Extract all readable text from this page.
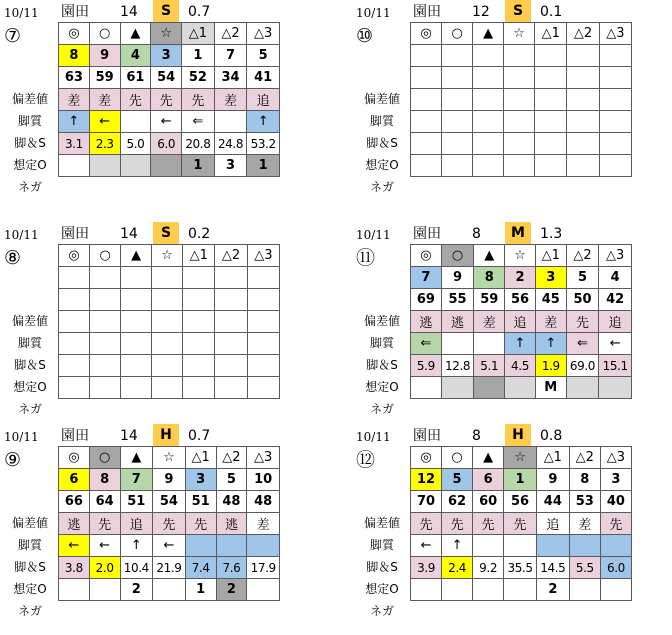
10/11 園田 14	S	0.7
⑦
偏差値
脚質
脚＆S
想定O
ネガ
◎	○	▲	☆	△1	△2	△3
8	9	4	3	1	7	5
63	59	61	54	52	34	41
差	差	先	先	先	差	追
↑	←		←	⇐		↑
3.1	2.3	5.0	6.0	20.8	24.8	53.2
				1	3	1
10/11 園田 12	S	0.1
⑩
偏差値
脚質
脚＆S
想定O
ネガ
◎	○	▲	☆	△1	△2	△3

10/11 園田 14	S	0.2
⑧
偏差値
脚質
脚＆S
想定O
ネガ
◎	○	▲	☆	△1	△2	△3

10/11 園田 8	M	1.3
⑪
偏差値
脚質
脚＆S
想定O
ネガ
◎	○	▲	☆	△1	△2	△3
7	9	8	2	3	5	4
69	55	59	56	45	50	42
逃	逃	差	追	差	先	追
⇐			↑	↑	⇐	←
5.9	12.8	5.1	4.5	1.9	69.0	15.1
				M		
10/11 園田 14	H	0.7
⑨
偏差値
脚質
脚＆S
想定O
ネガ
◎	○	▲	☆	△1	△2	△3
6	8	7	9	3	5	10
66	64	51	54	51	48	48
逃	先	追	先	先	逃	差
←	←	↑	←			
3.8	2.0	10.4	21.9	7.4	7.6	17.9
		2		1	2	
10/11 園田 8	H	0.8
⑫
偏差値
脚質
脚＆S
想定O
ネガ
◎	○	▲	☆	△1	△2	△3
12	5	6	1	9	8	3
70	62	60	56	44	53	40
先	先	先	先	追	差	先
←	↑					
3.9	2.4	9.2	35.5	14.5	5.5	6.0
				2		
